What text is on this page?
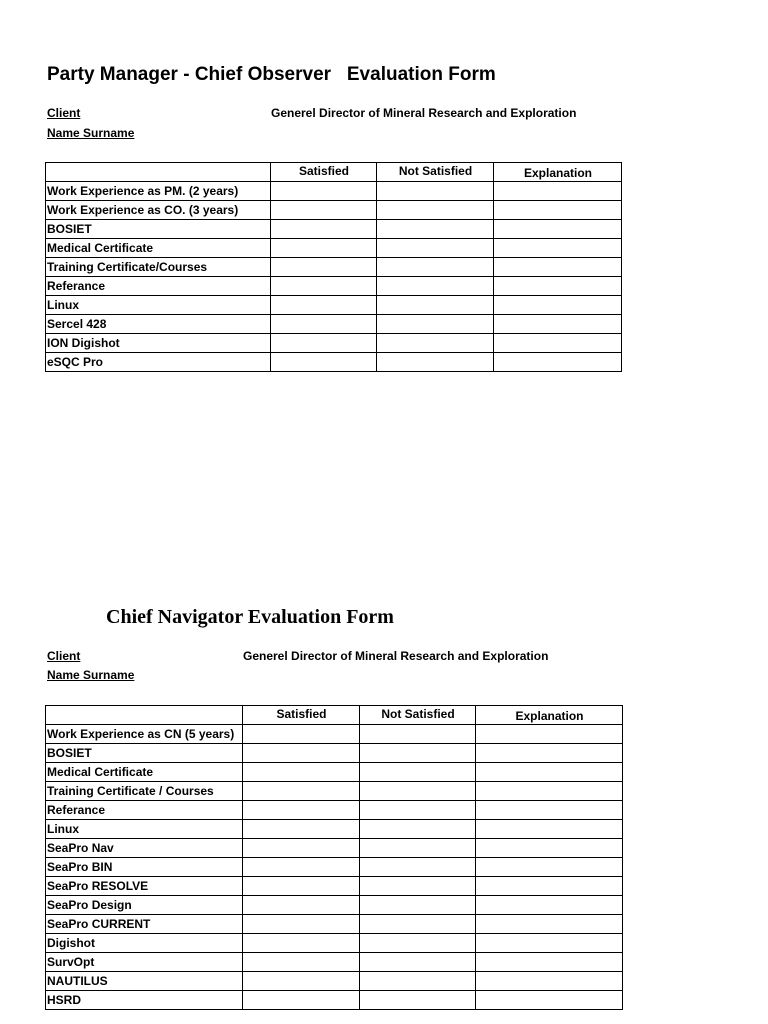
Party Manager - Chief Observer   Evaluation Form
Client	Generel Director of Mineral Research and Exploration
Name Surname
	Satisfied	Not Satisfied	Explanation
Work Experience as PM. (2 years)			
Work Experience as CO. (3 years)			
BOSIET			
Medical Certificate			
Training Certificate/Courses			
Referance			
Linux			
Sercel 428			
ION Digishot			
eSQC Pro			
Chief Navigator Evaluation Form
Client	Generel Director of Mineral Research and Exploration
Name Surname
	Satisfied	Not Satisfied	Explanation
Work Experience as CN (5 years)			
BOSIET			
Medical Certificate			
Training Certificate / Courses			
Referance			
Linux			
SeaPro Nav			
SeaPro BIN			
SeaPro RESOLVE			
SeaPro Design			
SeaPro CURRENT			
Digishot			
SurvOpt			
NAUTILUS			
HSRD			
